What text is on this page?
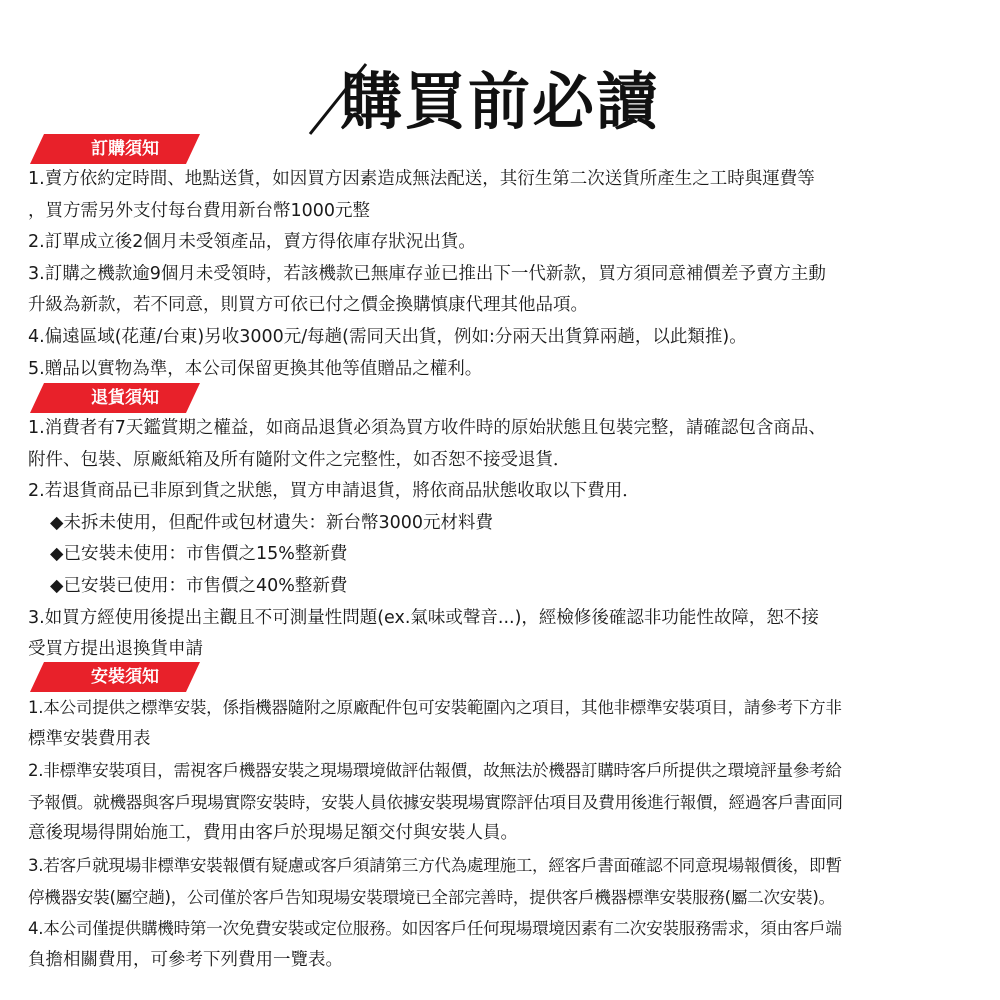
購買前必讀
訂購須知

1.賣方依約定時間、地點送貨，如因買方因素造成無法配送，其衍生第二次送貨所產生之工時與運費等

，買方需另外支付每台費用新台幣1000元整

2.訂單成立後2個月未受領產品，賣方得依庫存狀況出貨。

3.訂購之機款逾9個月未受領時，若該機款已無庫存並已推出下一代新款，買方須同意補價差予賣方主動

升級為新款，若不同意，則買方可依已付之價金換購慎康代理其他品項。

4.偏遠區域(花蓮/台東)另收3000元/每趟(需同天出貨，例如:分兩天出貨算兩趟，以此類推)。

5.贈品以實物為準，本公司保留更換其他等值贈品之權利。

退貨須知

1.消費者有7天鑑賞期之權益，如商品退貨必須為買方收件時的原始狀態且包裝完整，請確認包含商品、

附件、包裝、原廠紙箱及所有隨附文件之完整性，如否恕不接受退貨．

2.若退貨商品已非原到貨之狀態，買方申請退貨，將依商品狀態收取以下費用．

◆未拆未使用，但配件或包材遺失：新台幣3000元材料費

◆已安裝未使用：市售價之15%整新費

◆已安裝已使用：市售價之40%整新費

3.如買方經使用後提出主觀且不可測量性問題(ex.氣味或聲音...)，經檢修後確認非功能性故障，恕不接

受買方提出退換貨申請

安裝須知

1.本公司提供之標準安裝，係指機器隨附之原廠配件包可安裝範圍內之項目，其他非標準安裝項目，請參考下方非

標準安裝費用表

2.非標準安裝項目，需視客戶機器安裝之現場環境做評估報價，故無法於機器訂購時客戶所提供之環境評量參考給

予報價。就機器與客戶現場實際安裝時，安裝人員依據安裝現場實際評估項目及費用後進行報價，經過客戶書面同

意後現場得開始施工，費用由客戶於現場足額交付與安裝人員。

3.若客戶就現場非標準安裝報價有疑慮或客戶須請第三方代為處理施工，經客戶書面確認不同意現場報價後，即暫

停機器安裝(屬空趟)，公司僅於客戶告知現場安裝環境已全部完善時，提供客戶機器標準安裝服務(屬二次安裝)。

4.本公司僅提供購機時第一次免費安裝或定位服務。如因客戶任何現場環境因素有二次安裝服務需求，須由客戶端

負擔相關費用，可參考下列費用一覽表。
